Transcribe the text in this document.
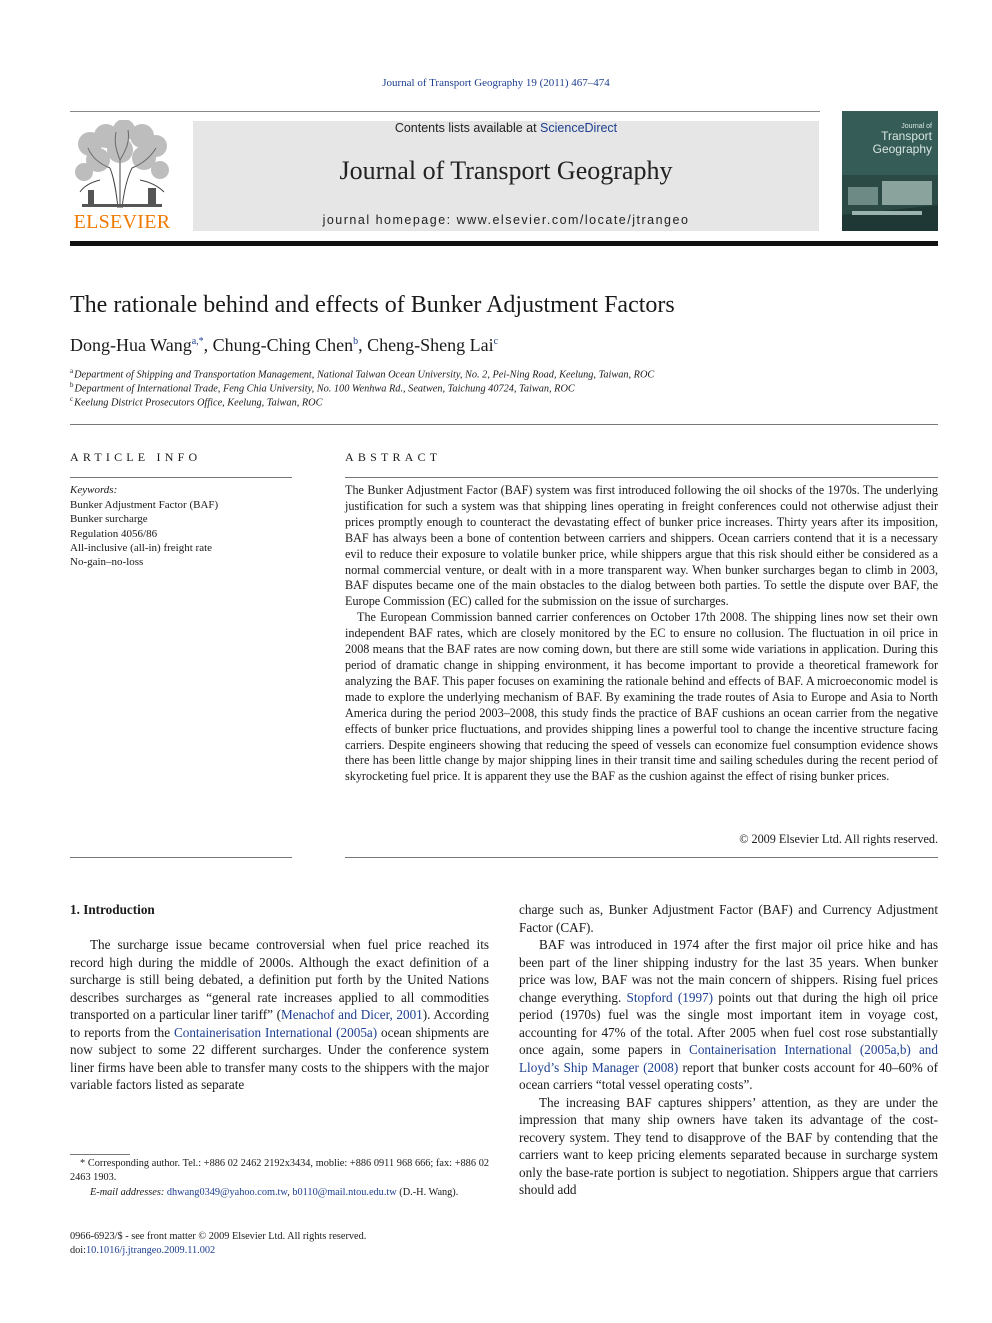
Journal of Transport Geography 19 (2011) 467–474
ELSEVIER
Contents lists available at ScienceDirect
Journal of Transport Geography
journal homepage: www.elsevier.com/locate/jtrangeo
Journal of
Transport
Geography
The rationale behind and effects of Bunker Adjustment Factors
Dong-Hua Wang$^{a,*}$, Chung-Ching Chen$^b$, Cheng-Sheng Lai$^c$
$^a$Department of Shipping and Transportation Management, National Taiwan Ocean University, No. 2, Pei-Ning Road, Keelung, Taiwan, ROC
$^b$Department of International Trade, Feng Chia University, No. 100 Wenhwa Rd., Seatwen, Taichung 40724, Taiwan, ROC
$^c$Keelung District Prosecutors Office, Keelung, Taiwan, ROC
ARTICLE INFO
Keywords:
Bunker Adjustment Factor (BAF)
Bunker surcharge
Regulation 4056/86
All-inclusive (all-in) freight rate
No-gain–no-loss
ABSTRACT

The Bunker Adjustment Factor (BAF) system was first introduced following the oil shocks of the 1970s. The underlying justification for such a system was that shipping lines operating in freight conferences could not otherwise adjust their prices promptly enough to counteract the devastating effect of bunker price increases. Thirty years after its imposition, BAF has always been a bone of contention between carriers and shippers. Ocean carriers contend that it is a necessary evil to reduce their exposure to volatile bunker price, while shippers argue that this risk should either be considered as a normal commercial venture, or dealt with in a more transparent way. When bunker surcharges began to climb in 2003, BAF disputes became one of the main obstacles to the dialog between both parties. To settle the dispute over BAF, the Europe Commission (EC) called for the submission on the issue of surcharges.

The European Commission banned carrier conferences on October 17th 2008. The shipping lines now set their own independent BAF rates, which are closely monitored by the EC to ensure no collusion. The fluctuation in oil price in 2008 means that the BAF rates are now coming down, but there are still some wide variations in application. During this period of dramatic change in shipping environment, it has become important to provide a theoretical framework for analyzing the BAF. This paper focuses on examining the rationale behind and effects of BAF. A microeconomic model is made to explore the underlying mechanism of BAF. By examining the trade routes of Asia to Europe and Asia to North America during the period 2003–2008, this study finds the practice of BAF cushions an ocean carrier from the negative effects of bunker price fluctuations, and provides shipping lines a powerful tool to change the incentive structure facing carriers. Despite engineers showing that reducing the speed of vessels can economize fuel consumption evidence shows there has been little change by major shipping lines in their transit time and sailing schedules during the recent period of skyrocketing fuel price. It is apparent they use the BAF as the cushion against the effect of rising bunker prices.

© 2009 Elsevier Ltd. All rights reserved.
1. Introduction

The surcharge issue became controversial when fuel price reached its record high during the middle of 2000s. Although the exact definition of a surcharge is still being debated, a definition put forth by the United Nations describes surcharges as “general rate increases applied to all commodities transported on a particular liner tariff” (Menachof and Dicer, 2001). According to reports from the Containerisation International (2005a) ocean shipments are now subject to some 22 different surcharges. Under the conference system liner firms have been able to transfer many costs to the shippers with the major variable factors listed as separate

charge such as, Bunker Adjustment Factor (BAF) and Currency Adjustment Factor (CAF).

BAF was introduced in 1974 after the first major oil price hike and has been part of the liner shipping industry for the last 35 years. When bunker price was low, BAF was not the main concern of shippers. Rising fuel prices change everything. Stopford (1997) points out that during the high oil price period (1970s) fuel was the single most important item in voyage cost, accounting for 47% of the total. After 2005 when fuel cost rose substantially once again, some papers in Containerisation International (2005a,b) and Lloyd’s Ship Manager (2008) report that bunker costs account for 40–60% of ocean carriers “total vessel operating costs”.

The increasing BAF captures shippers’ attention, as they are under the impression that many ship owners have taken its advantage of the cost-recovery system. They tend to disapprove of the BAF by contending that the carriers want to keep pricing elements separated because in surcharge system only the base-rate portion is subject to negotiation. Shippers argue that carriers should add

* Corresponding author. Tel.: +886 02 2462 2192x3434, moblie: +886 0911 968 666; fax: +886 02 2463 1903.
E-mail addresses: dhwang0349@yahoo.com.tw, b0110@mail.ntou.edu.tw (D.-H. Wang).
0966-6923/$ - see front matter © 2009 Elsevier Ltd. All rights reserved.
doi:10.1016/j.jtrangeo.2009.11.002
